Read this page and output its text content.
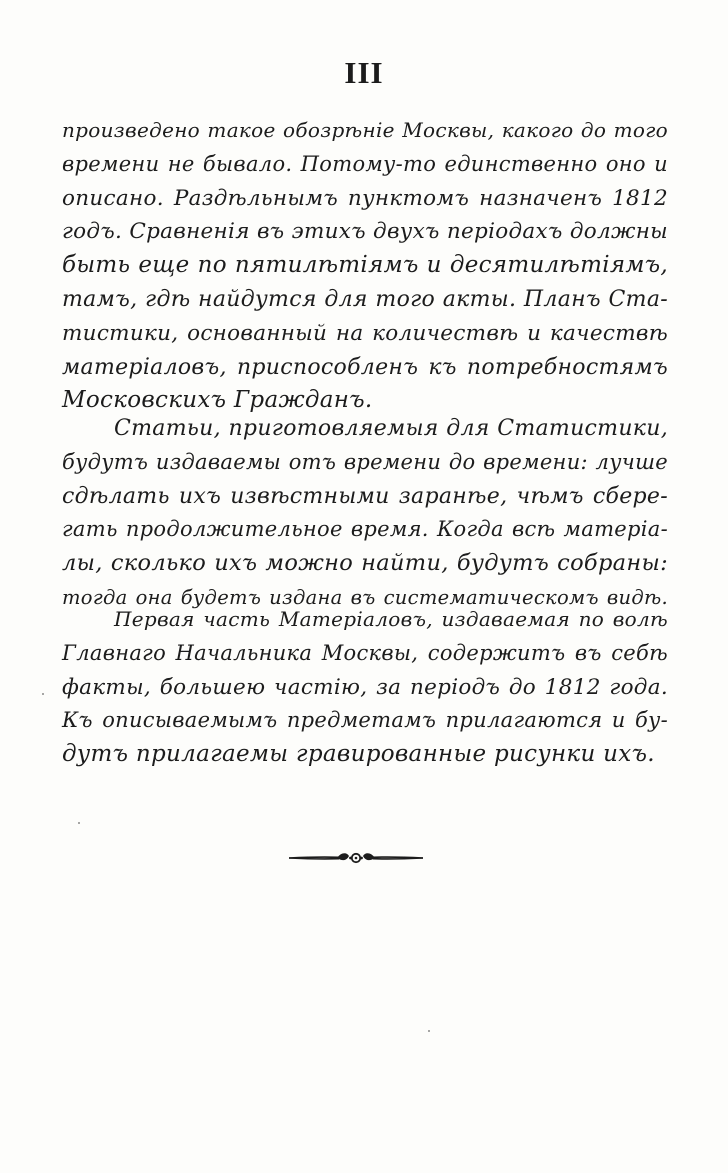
III
произведено такое обозрѣніе Москвы, какого до того
времени не бывало. Потому-то единственно оно и
описано. Раздѣльнымъ пунктомъ назначенъ 1812
годъ. Сравненія въ этихъ двухъ періодахъ должны
быть еще по пятилѣтіямъ и десятилѣтіямъ,
тамъ, гдѣ найдутся для того акты. Планъ Ста-
тистики, основанный на количествѣ и качествѣ
матеріаловъ, приспособленъ къ потребностямъ
Московскихъ Гражданъ.
Статьи, приготовляемыя для Статистики,
будутъ издаваемы отъ времени до времени: лучше
сдѣлать ихъ извѣстными заранѣе, чѣмъ сбере-
гать продолжительное время. Когда всѣ матеріа-
лы, сколько ихъ можно найти, будутъ собраны:
тогда она будетъ издана въ систематическомъ видѣ.
Первая часть Матеріаловъ, издаваемая по волѣ
Главнаго Начальника Москвы, содержитъ въ себѣ
факты, большею частію, за періодъ до 1812 года.
Къ описываемымъ предметамъ прилагаются и бу-
дутъ прилагаемы гравированные рисунки ихъ.
